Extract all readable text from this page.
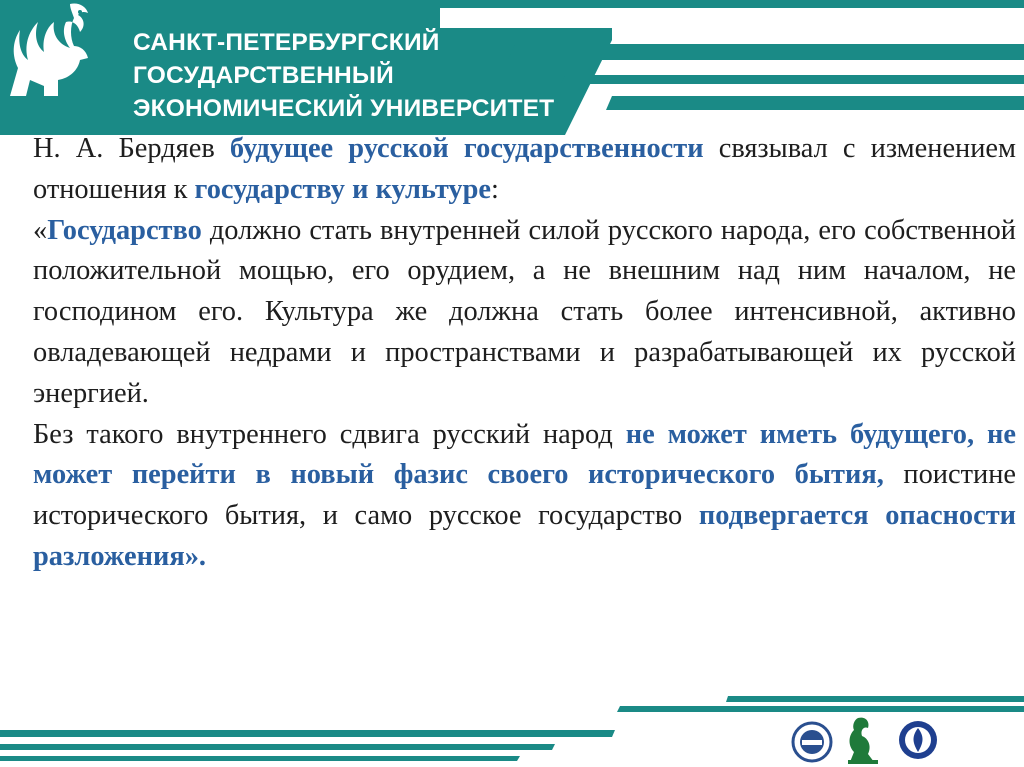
САНКТ-ПЕТЕРБУРГСКИЙ
ГОСУДАРСТВЕННЫЙ
ЭКОНОМИЧЕСКИЙ УНИВЕРСИТЕТ

Н. А. Бердяев будущее русской государственности связывал с изменением отношения к государству и культуре:

«Государство должно стать внутренней силой русского народа, его собственной положительной мощью, его орудием, а не внешним над ним началом, не господином его. Культура же должна стать более интенсивной, активно овладевающей недрами и пространствами и разрабатывающей их русской энергией.

Без такого внутреннего сдвига русский народ не может иметь будущего, не может перейти в новый фазис своего исторического бытия, поистине исторического бытия, и само русское государство подвергается опасности разложения».
